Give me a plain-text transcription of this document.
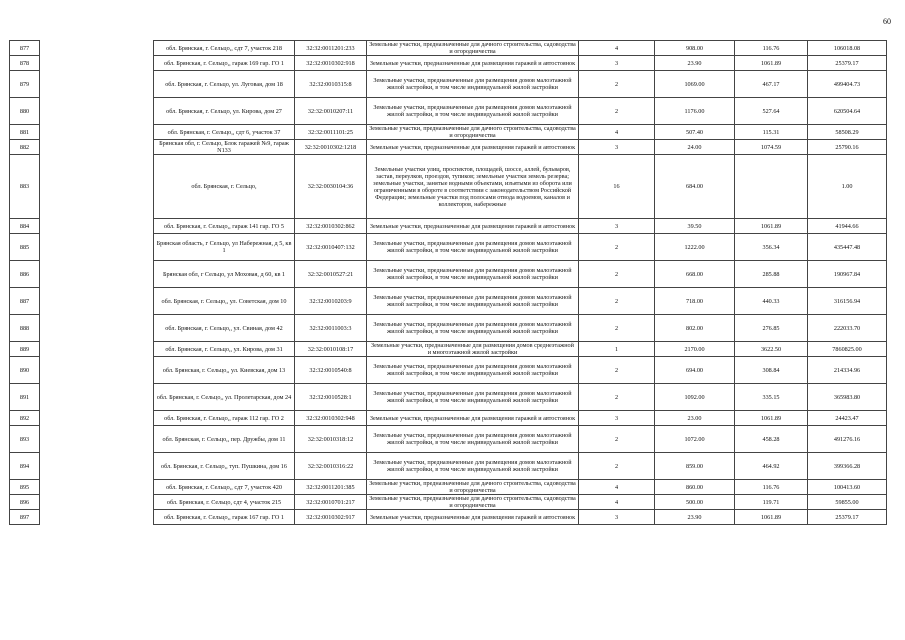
60
877		обл. Брянская, г. Сельцо,, сдт 7, участок 218	32:32:0011201:233	Земельные участки, предназначенные для дачного строительства, садоводства и огородничества	4	908.00	116.76	106018.08
878		обл. Брянская, г. Сельцо,, гараж 169 гар. ГО 1	32:32:0010302:918	Земельные участки, предназначенные для размещения гаражей и автостоянок	3	23.90	1061.89	25379.17
879		обл. Брянская, г. Сельцо, ул. Луговая, дом 18	32:32:0010315:8	Земельные участки, предназначенные для размещения домов малоэтажной жилой застройки, в том числе индивидуальной жилой застройки	2	1069.00	467.17	499404.73
880		обл. Брянская, г. Сельцо, ул. Кирова, дом 27	32:32:0010207:11	Земельные участки, предназначенные для размещения домов малоэтажной жилой застройки, в том числе индивидуальной жилой застройки	2	1176.00	527.64	620504.64
881		обл. Брянская, г. Сельцо,, сдт 6, участок 37	32:32:0011101:25	Земельные участки, предназначенные для дачного строительства, садоводства и огородничества	4	507.40	115.31	58508.29
882		Брянская обл, г. Сельцо, Блок гаражей №9, гараж N133	32:32:0010302:1218	Земельные участки, предназначенные для размещения гаражей и автостоянок	3	24.00	1074.59	25790.16
883		обл. Брянская, г. Сельцо,	32:32:0030104:36	Земельные участки улиц, проспектов, площадей, шоссе, аллей, бульваров, застав, переулков, проездов, тупиков; земельные участки земель резерва; земельные участки, занятые водными объектами, изъятыми из оборота или ограниченными в обороте в соответствии с законодательством Российской Федерации; земельные участки под полосами отвода водоемов, каналов и коллекторов, набережные	16	684.00		1.00
884		обл. Брянская, г. Сельцо,, гараж 141 гар. ГО 5	32:32:0010302:862	Земельные участки, предназначенные для размещения гаражей и автостоянок	3	39.50	1061.89	41944.66
885		Брянская область, г Сельцо, ул Набережная, д 5, кв 1	32:32:0010407:132	Земельные участки, предназначенные для размещения домов малоэтажной жилой застройки, в том числе индивидуальной жилой застройки	2	1222.00	356.34	435447.48
886		Брянская обл, г Сельцо, ул Моховая, д 60, кв 1	32:32:0010527:21	Земельные участки, предназначенные для размещения домов малоэтажной жилой застройки, в том числе индивидуальной жилой застройки	2	668.00	285.88	190967.84
887		обл. Брянская, г. Сельцо,, ул. Советская, дом 10	32:32:0010203:9	Земельные участки, предназначенные для размещения домов малоэтажной жилой застройки, в том числе индивидуальной жилой застройки	2	718.00	440.33	316156.94
888		обл. Брянская, г. Сельцо,, ул. Свиная, дом 42	32:32:0011003:3	Земельные участки, предназначенные для размещения домов малоэтажной жилой застройки, в том числе индивидуальной жилой застройки	2	802.00	276.85	222033.70
889		обл. Брянская, г. Сельцо,, ул. Кирова, дом 31	32:32:0010108:17	Земельные участки, предназначенные для размещения домов среднеэтажной и многоэтажной жилой застройки	1	2170.00	3622.50	7860825.00
890		обл. Брянская, г. Сельцо,, ул. Киевская, дом 13	32:32:0010540:8	Земельные участки, предназначенные для размещения домов малоэтажной жилой застройки, в том числе индивидуальной жилой застройки	2	694.00	308.84	214334.96
891		обл. Брянская, г. Сельцо,, ул. Пролетарская, дом 24	32:32:0010528:1	Земельные участки, предназначенные для размещения домов малоэтажной жилой застройки, в том числе индивидуальной жилой застройки	2	1092.00	335.15	365983.80
892		обл. Брянская, г. Сельцо,, гараж 112 гар. ГО 2	32:32:0010302:948	Земельные участки, предназначенные для размещения гаражей и автостоянок	3	23.00	1061.89	24423.47
893		обл. Брянская, г. Сельцо,, пер. Дружбы, дом 11	32:32:0010318:12	Земельные участки, предназначенные для размещения домов малоэтажной жилой застройки, в том числе индивидуальной жилой застройки	2	1072.00	458.28	491276.16
894		обл. Брянская, г. Сельцо,, туп. Пушкина, дом 16	32:32:0010316:22	Земельные участки, предназначенные для размещения домов малоэтажной жилой застройки, в том числе индивидуальной жилой застройки	2	859.00	464.92	399366.28
895		обл. Брянская, г. Сельцо,, сдт 7, участок 420	32:32:0011201:385	Земельные участки, предназначенные для дачного строительства, садоводства и огородничества	4	860.00	116.76	100413.60
896		обл. Брянская, г. Сельцо, сдт 4, участок 215	32:32:0010701:217	Земельные участки, предназначенные для дачного строительства, садоводства и огородничества	4	500.00	119.71	59855.00
897		обл. Брянская, г. Сельцо,, гараж 167 гар. ГО 1	32:32:0010302:917	Земельные участки, предназначенные для размещения гаражей и автостоянок	3	23.90	1061.89	25379.17
